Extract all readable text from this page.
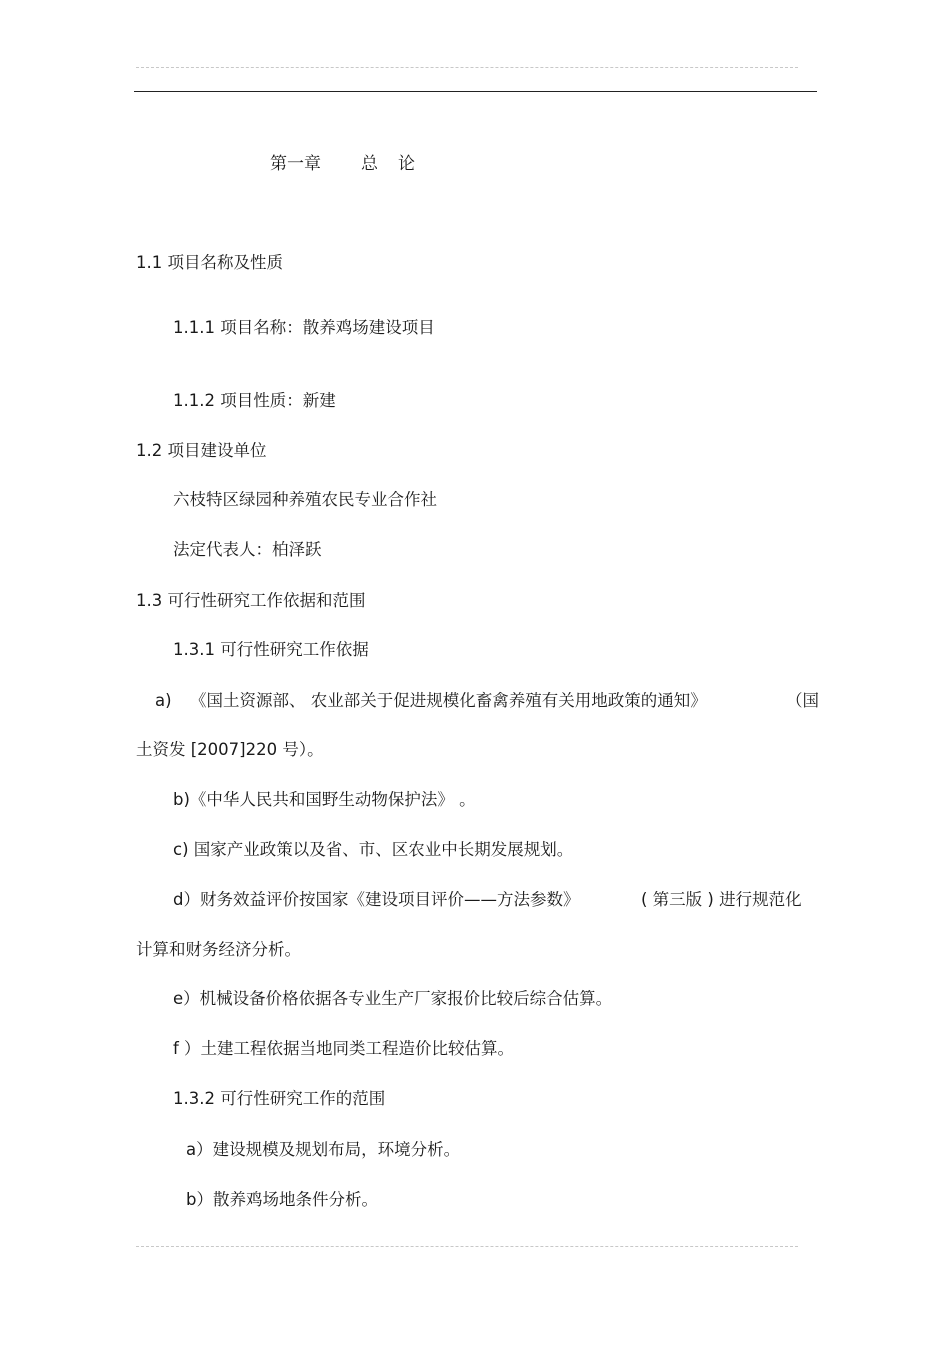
第一章 总 论
1.1 项目名称及性质
1.1.1 项目名称：散养鸡场建设项目
1.1.2 项目性质：新建
1.2 项目建设单位
六枝特区绿园种养殖农民专业合作社
法定代表人：柏泽跃
1.3 可行性研究工作依据和范围
1.3.1 可行性研究工作依据
a) 《国土资源部、 农业部关于促进规模化畜禽养殖有关用地政策的通知》	（国
土资发 [2007]220 号）。
b)《中华人民共和国野生动物保护法》 。
c) 国家产业政策以及省、市、区农业中长期发展规划。
d）财务效益评价按国家《建设项目评价——方法参数》	( 第三版 ) 进行规范化
计算和财务经济分析。
e）机械设备价格依据各专业生产厂家报价比较后综合估算。
f ）土建工程依据当地同类工程造价比较估算。
1.3.2 可行性研究工作的范围
a）建设规模及规划布局，环境分析。
b）散养鸡场地条件分析。
